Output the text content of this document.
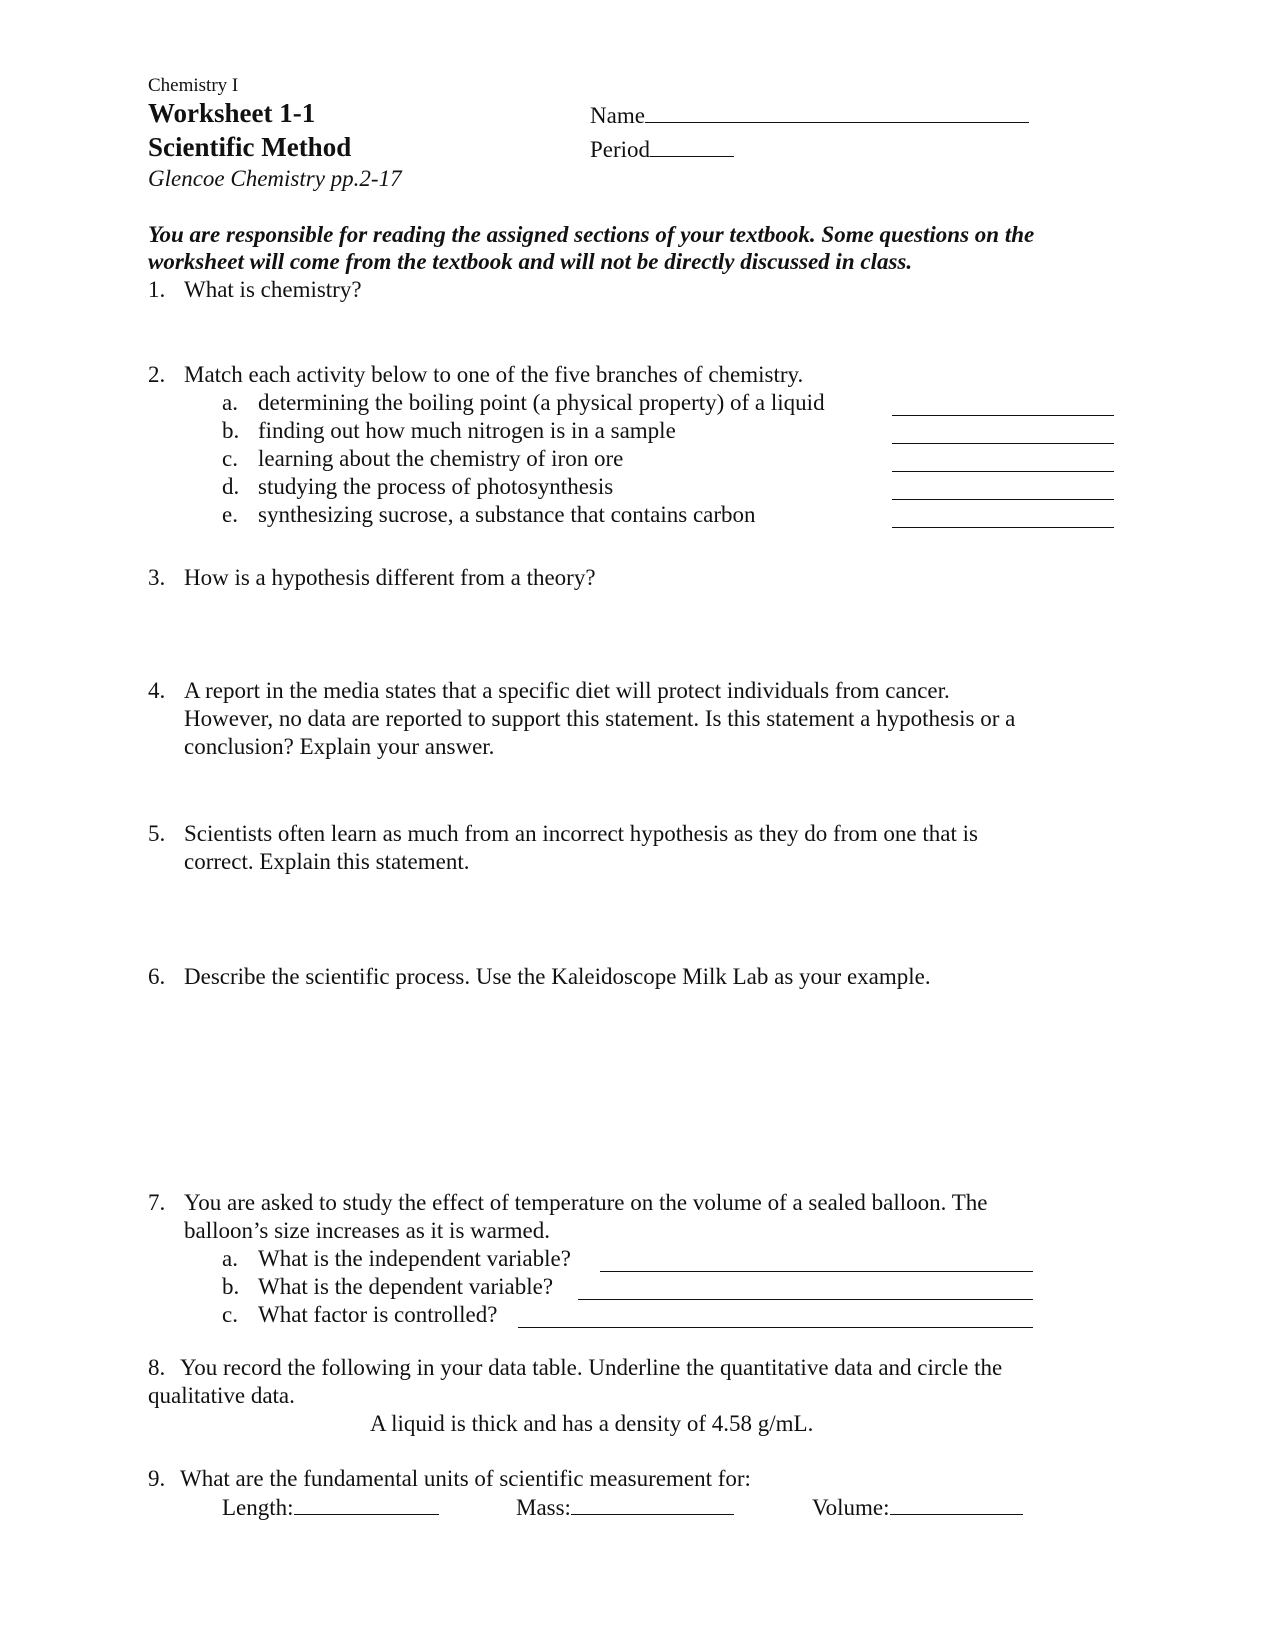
Chemistry I
Worksheet 1-1
Scientific Method
Glencoe Chemistry pp.2-17
Name
Period
You are responsible for reading the assigned sections of your textbook. Some questions on the
worksheet will come from the textbook and will not be directly discussed in class.
1. What is chemistry?
2. Match each activity below to one of the five branches of chemistry.
a. determining the boiling point (a physical property) of a liquid
b. finding out how much nitrogen is in a sample
c. learning about the chemistry of iron ore
d. studying the process of photosynthesis
e. synthesizing sucrose, a substance that contains carbon
3. How is a hypothesis different from a theory?
4. A report in the media states that a specific diet will protect individuals from cancer.
However, no data are reported to support this statement. Is this statement a hypothesis or a
conclusion? Explain your answer.
5. Scientists often learn as much from an incorrect hypothesis as they do from one that is
correct. Explain this statement.
6. Describe the scientific process. Use the Kaleidoscope Milk Lab as your example.
7. You are asked to study the effect of temperature on the volume of a sealed balloon. The
balloon’s size increases as it is warmed.
a. What is the independent variable?
b. What is the dependent variable?
c. What factor is controlled?
8. You record the following in your data table. Underline the quantitative data and circle the
qualitative data.
A liquid is thick and has a density of 4.58 g/mL.
9. What are the fundamental units of scientific measurement for:
Length:	Mass:	Volume:
